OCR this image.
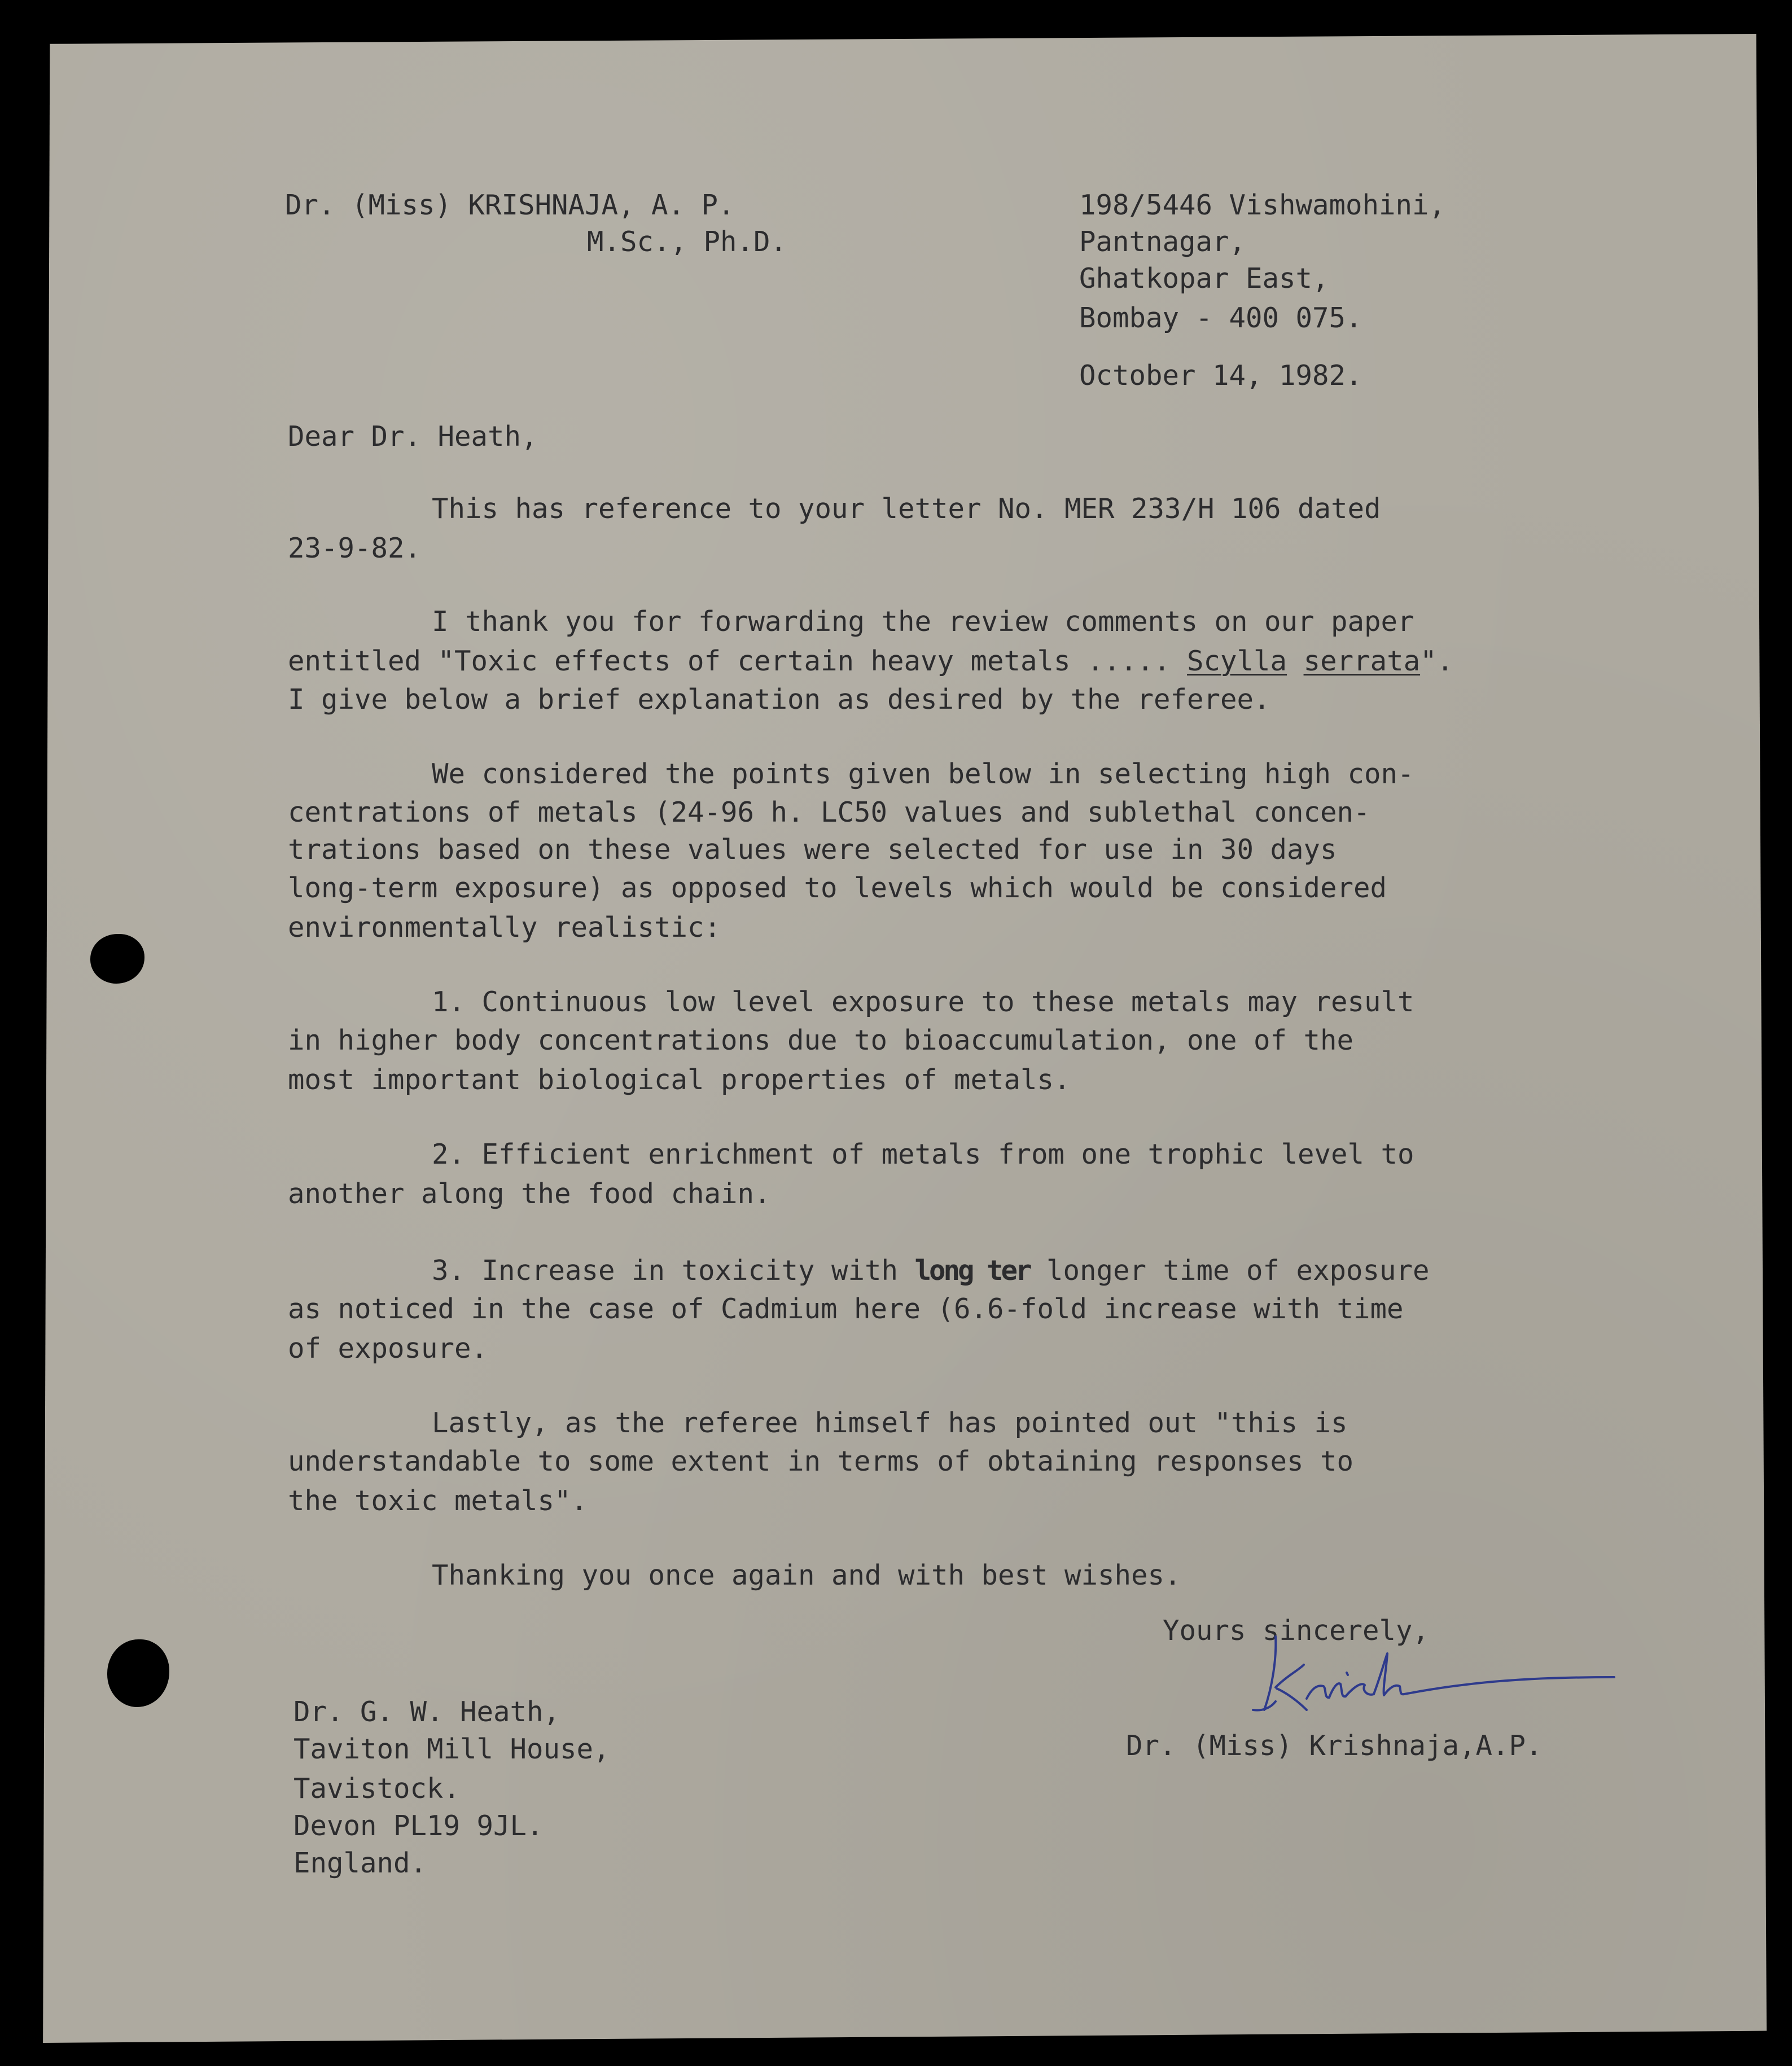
Dr. (Miss) KRISHNAJA, A. P.
M.Sc., Ph.D.
198/5446 Vishwamohini,
Pantnagar,
Ghatkopar East,
Bombay - 400 075.
October 14, 1982.
Dear Dr. Heath,
This has reference to your letter No. MER 233/H 106 dated
23-9-82.
I thank you for forwarding the review comments on our paper
entitled "Toxic effects of certain heavy metals ..... Scylla serrata".
I give below a brief explanation as desired by the referee.
We considered the points given below in selecting high con-
centrations of metals (24-96 h. LC50 values and sublethal concen-
trations based on these values were selected for use in 30 days
long-term exposure) as opposed to levels which would be considered
environmentally realistic:
1. Continuous low level exposure to these metals may result
in higher body concentrations due to bioaccumulation, one of the
most important biological properties of metals.
2. Efficient enrichment of metals from one trophic level to
another along the food chain.
3. Increase in toxicity with long ter longer time of exposure
as noticed in the case of Cadmium here (6.6-fold increase with time
of exposure.
Lastly, as the referee himself has pointed out "this is
understandable to some extent in terms of obtaining responses to
the toxic metals".
Thanking you once again and with best wishes.
Yours sincerely,
Dr. (Miss) Krishnaja,A.P.
Dr. G. W. Heath,
Taviton Mill House,
Tavistock.
Devon PL19 9JL.
England.
